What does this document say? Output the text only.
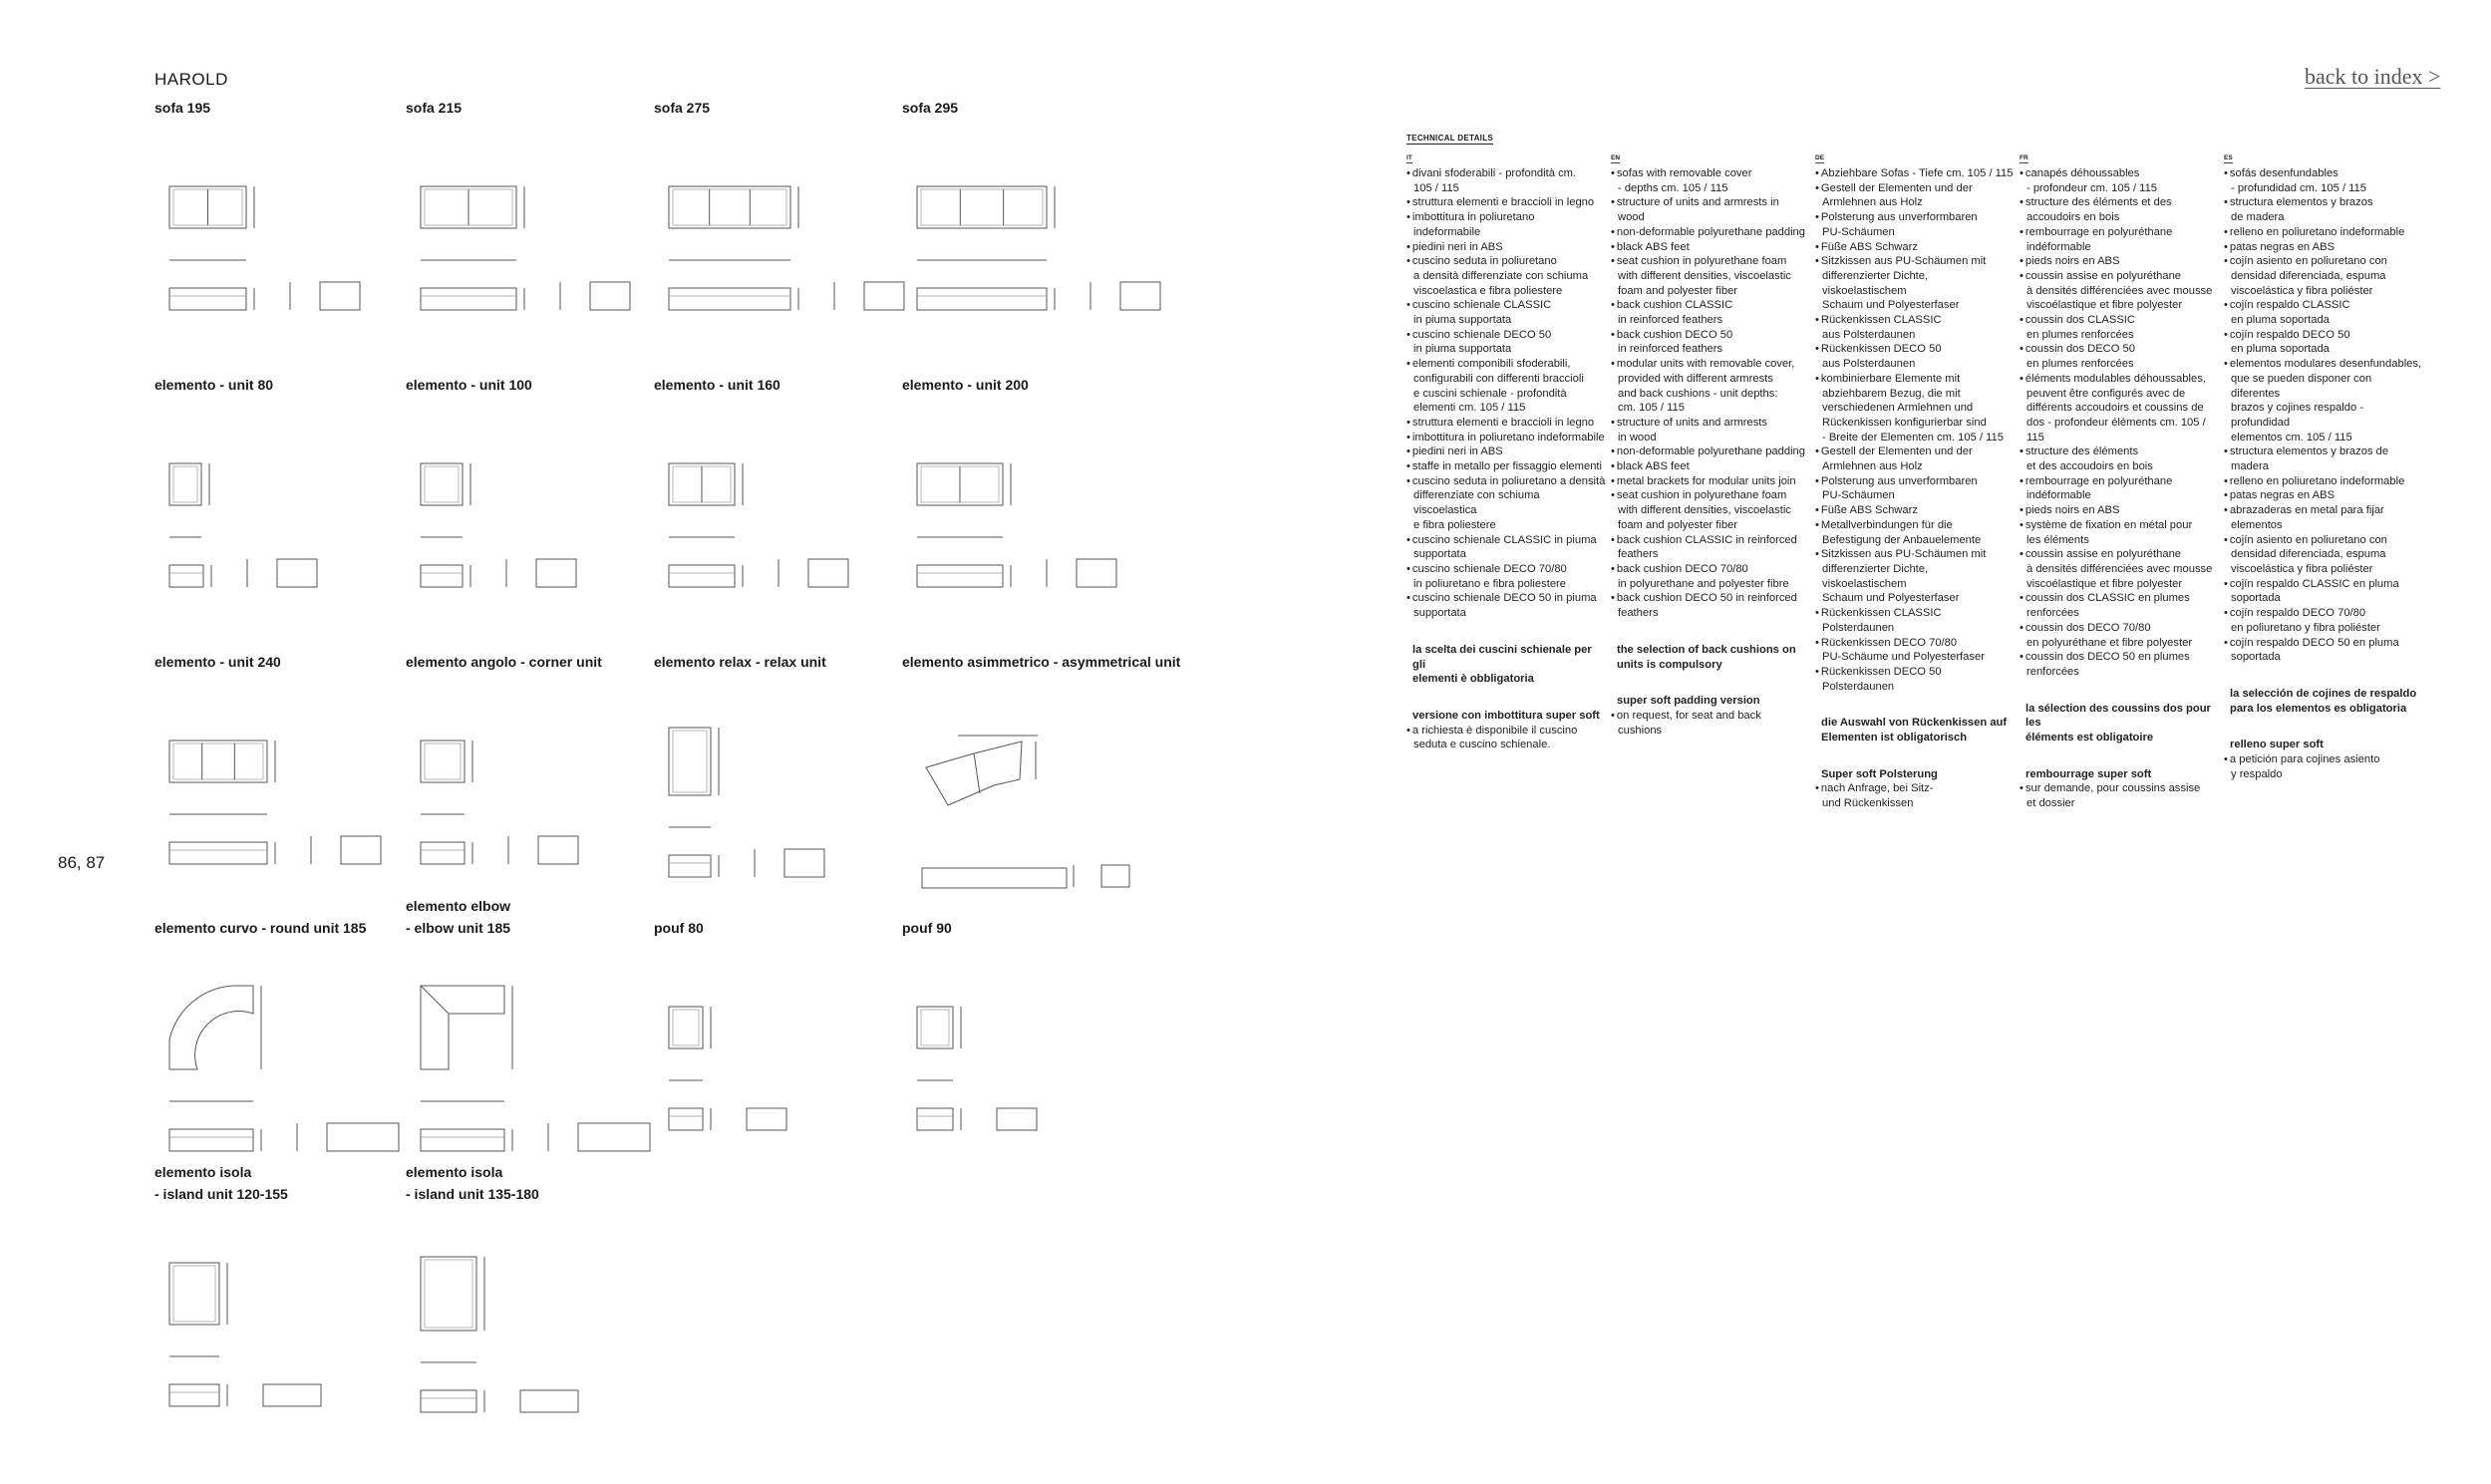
HAROLD	back to index >
86, 87
sofa 195	sofa 215	sofa 275	sofa 295
elemento - unit 80	elemento - unit 100	elemento - unit 160	elemento - unit 200
elemento - unit 240	elemento angolo - corner unit	elemento relax - relax unit	elemento asimmetrico - asymmetrical unit
elemento curvo - round unit 185
elemento elbow
- elbow unit 185	pouf 80	pouf 90
elemento isola
- island unit 120-155
elemento isola
- island unit 135-180
TECHNICAL DETAILS
IT
• divani sfoderabili - profondità cm.
105 / 115
• struttura elementi e braccioli in legno
• imbottitura in poliuretano
indeformabile
• piedini neri in ABS
• cuscino seduta in poliuretano
a densità differenziate con schiuma
viscoelastica e fibra poliestere
• cuscino schienale CLASSIC
in piuma supportata
• cuscino schienale DECO 50
in piuma supportata
• elementi componibili sfoderabili,
configurabili con differenti braccioli
e cuscini schienale - profondità
elementi cm. 105 / 115
• struttura elementi e braccioli in legno
• imbottitura in poliuretano indeformabile
• piedini neri in ABS
• staffe in metallo per fissaggio elementi
• cuscino seduta in poliuretano a densità
differenziate con schiuma viscoelastica
e fibra poliestere
• cuscino schienale CLASSIC in piuma
supportata
• cuscino schienale DECO 70/80
in poliuretano e fibra poliestere
• cuscino schienale DECO 50 in piuma
supportata
la scelta dei cuscini schienale per gli
elementi è obbligatoria
versione con imbottitura super soft
• a richiesta è disponibile il cuscino
seduta e cuscino schienale.
EN
• sofas with removable cover
- depths cm. 105 / 115
• structure of units and armrests in
wood
• non-deformable polyurethane padding
• black ABS feet
• seat cushion in polyurethane foam
with different densities, viscoelastic
foam and polyester fiber
• back cushion CLASSIC
in reinforced feathers
• back cushion DECO 50
in reinforced feathers
• modular units with removable cover,
provided with different armrests
and back cushions - unit depths:
cm. 105 / 115
• structure of units and armrests
in wood
• non-deformable polyurethane padding
• black ABS feet
• metal brackets for modular units join
• seat cushion in polyurethane foam
with different densities, viscoelastic
foam and polyester fiber
• back cushion CLASSIC in reinforced
feathers
• back cushion DECO 70/80
in polyurethane and polyester fibre
• back cushion DECO 50 in reinforced
feathers
the selection of back cushions on
units is compulsory
super soft padding version
• on request, for seat and back
cushions
DE
• Abziehbare Sofas - Tiefe cm. 105 / 115
• Gestell der Elementen und der
Armlehnen aus Holz
• Polsterung aus unverformbaren
PU-Schäumen
• Füße ABS Schwarz
• Sitzkissen aus PU-Schäumen mit
differenzierter Dichte, viskoelastischem
Schaum und Polyesterfaser
• Rückenkissen CLASSIC
aus Polsterdaunen
• Rückenkissen DECO 50
aus Polsterdaunen
• kombinierbare Elemente mit
abziehbarem Bezug, die mit
verschiedenen Armlehnen und
Rückenkissen konfigurierbar sind
- Breite der Elementen cm. 105 / 115
• Gestell der Elementen und der
Armlehnen aus Holz
• Polsterung aus unverformbaren
PU-Schäumen
• Füße ABS Schwarz
• Metallverbindungen für die
Befestigung der Anbauelemente
• Sitzkissen aus PU-Schäumen mit
differenzierter Dichte, viskoelastischem
Schaum und Polyesterfaser
• Rückenkissen CLASSIC Polsterdaunen
• Rückenkissen DECO 70/80
PU-Schäume und Polyesterfaser
• Rückenkissen DECO 50 Polsterdaunen
die Auswahl von Rückenkissen auf
Elementen ist obligatorisch
Super soft Polsterung
• nach Anfrage, bei Sitz-
und Rückenkissen
FR
• canapés déhoussables
- profondeur cm. 105 / 115
• structure des éléments et des
accoudoirs en bois
• rembourrage en polyuréthane
indéformable
• pieds noirs en ABS
• coussin assise en polyuréthane
à densités différenciées avec mousse
viscoélastique et fibre polyester
• coussin dos CLASSIC
en plumes renforcées
• coussin dos DECO 50
en plumes renforcées
• éléments modulables déhoussables,
peuvent être configurés avec de
différents accoudoirs et coussins de
dos - profondeur éléments cm. 105 / 115
• structure des éléments
et des accoudoirs en bois
• rembourrage en polyuréthane
indéformable
• pieds noirs en ABS
• système de fixation en métal pour
les éléments
• coussin assise en polyuréthane
à densités différenciées avec mousse
viscoélastique et fibre polyester
• coussin dos CLASSIC en plumes
renforcées
• coussin dos DECO 70/80
en polyuréthane et fibre polyester
• coussin dos DECO 50 en plumes
renforcées
la sélection des coussins dos pour les
éléments est obligatoire
rembourrage super soft
• sur demande, pour coussins assise
et dossier
ES
• sofás desenfundables
- profundidad cm. 105 / 115
• structura elementos y brazos
de madera
• relleno en poliuretano indeformable
• patas negras en ABS
• cojín asiento en poliuretano con
densidad diferenciada, espuma
viscoelástica y fibra poliéster
• cojín respaldo CLASSIC
en pluma soportada
• cojín respaldo DECO 50
en pluma soportada
• elementos modulares desenfundables,
que se pueden disponer con diferentes
brazos y cojines respaldo - profundidad
elementos cm. 105 / 115
• structura elementos y brazos de madera
• relleno en poliuretano indeformable
• patas negras en ABS
• abrazaderas en metal para fijar
elementos
• cojín asiento en poliuretano con
densidad diferenciada, espuma
viscoelástica y fibra poliéster
• cojín respaldo CLASSIC en pluma
soportada
• cojín respaldo DECO 70/80
en poliuretano y fibra poliéster
• cojín respaldo DECO 50 en pluma
soportada
la selección de cojines de respaldo
para los elementos es obligatoria
relleno super soft
• a petición para cojines asiento
y respaldo
